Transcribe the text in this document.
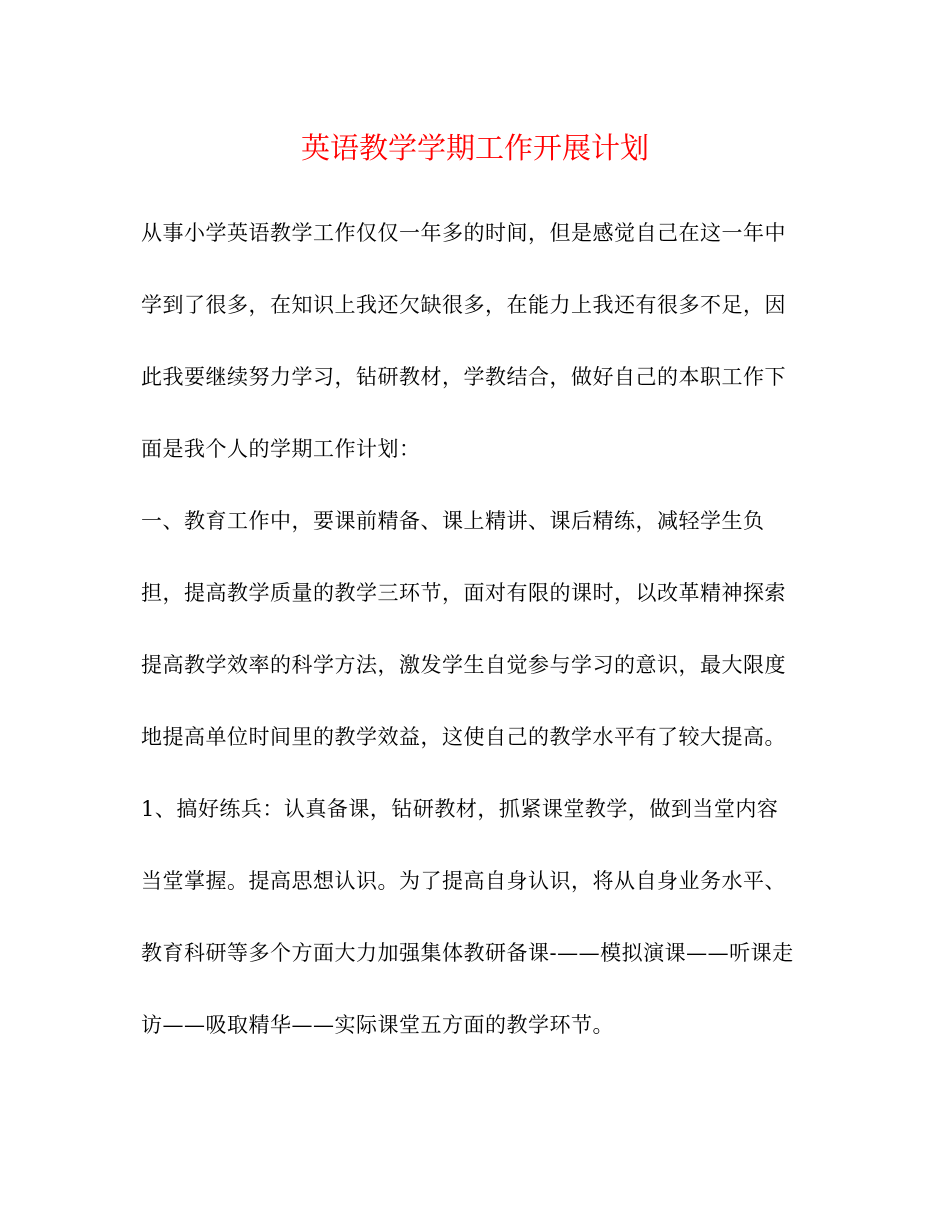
英语教学学期工作开展计划
从事小学英语教学工作仅仅一年多的时间，但是感觉自己在这一年中
学到了很多，在知识上我还欠缺很多，在能力上我还有很多不足，因
此我要继续努力学习，钻研教材，学教结合，做好自己的本职工作下
面是我个人的学期工作计划：
一、教育工作中，要课前精备、课上精讲、课后精练，减轻学生负
担，提高教学质量的教学三环节，面对有限的课时，以改革精神探索
提高教学效率的科学方法，激发学生自觉参与学习的意识，最大限度
地提高单位时间里的教学效益，这使自己的教学水平有了较大提高。
1、搞好练兵：认真备课，钻研教材，抓紧课堂教学，做到当堂内容
当堂掌握。提高思想认识。为了提高自身认识，将从自身业务水平、
教育科研等多个方面大力加强集体教研备课-——模拟演课——听课走
访——吸取精华——实际课堂五方面的教学环节。
